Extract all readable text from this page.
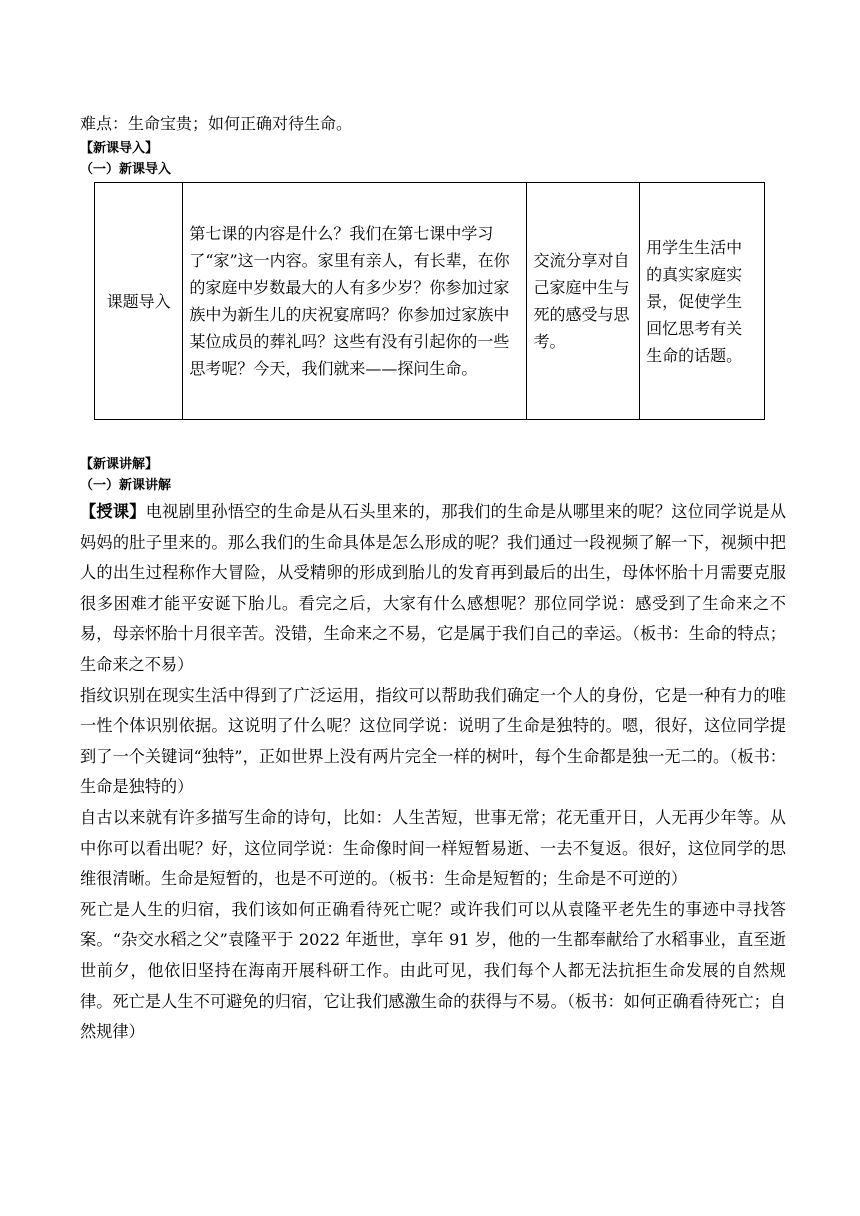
难点：生命宝贵；如何正确对待生命。
【新课导入】
（一）新课导入
课题导入	第七课的内容是什么？我们在第七课中学习了“家”这一内容。家里有亲人，有长辈，在你的家庭中岁数最大的人有多少岁？你参加过家族中为新生儿的庆祝宴席吗？你参加过家族中某位成员的葬礼吗？这些有没有引起你的一些思考呢？今天，我们就来——探问生命。	交流分享对自己家庭中生与死的感受与思考。	用学生生活中的真实家庭实景，促使学生回忆思考有关生命的话题。
【新课讲解】
（一）新课讲解

【授课】电视剧里孙悟空的生命是从石头里来的，那我们的生命是从哪里来的呢？这位同学说是从妈妈的肚子里来的。那么我们的生命具体是怎么形成的呢？我们通过一段视频了解一下，视频中把人的出生过程称作大冒险，从受精卵的形成到胎儿的发育再到最后的出生，母体怀胎十月需要克服很多困难才能平安诞下胎儿。看完之后，大家有什么感想呢？那位同学说：感受到了生命来之不易，母亲怀胎十月很辛苦。没错，生命来之不易，它是属于我们自己的幸运。（板书：生命的特点；生命来之不易）

指纹识别在现实生活中得到了广泛运用，指纹可以帮助我们确定一个人的身份，它是一种有力的唯一性个体识别依据。这说明了什么呢？这位同学说：说明了生命是独特的。嗯，很好，这位同学提到了一个关键词“独特”，正如世界上没有两片完全一样的树叶，每个生命都是独一无二的。（板书：生命是独特的）

自古以来就有许多描写生命的诗句，比如：人生苦短，世事无常；花无重开日，人无再少年等。从中你可以看出呢？好，这位同学说：生命像时间一样短暂易逝、一去不复返。很好，这位同学的思维很清晰。生命是短暂的，也是不可逆的。（板书：生命是短暂的；生命是不可逆的）

死亡是人生的归宿，我们该如何正确看待死亡呢？或许我们可以从袁隆平老先生的事迹中寻找答案。“杂交水稻之父”袁隆平于 2022 年逝世，享年 91 岁，他的一生都奉献给了水稻事业，直至逝世前夕，他依旧坚持在海南开展科研工作。由此可见，我们每个人都无法抗拒生命发展的自然规律。死亡是人生不可避免的归宿，它让我们感激生命的获得与不易。（板书：如何正确看待死亡；自然规律）
